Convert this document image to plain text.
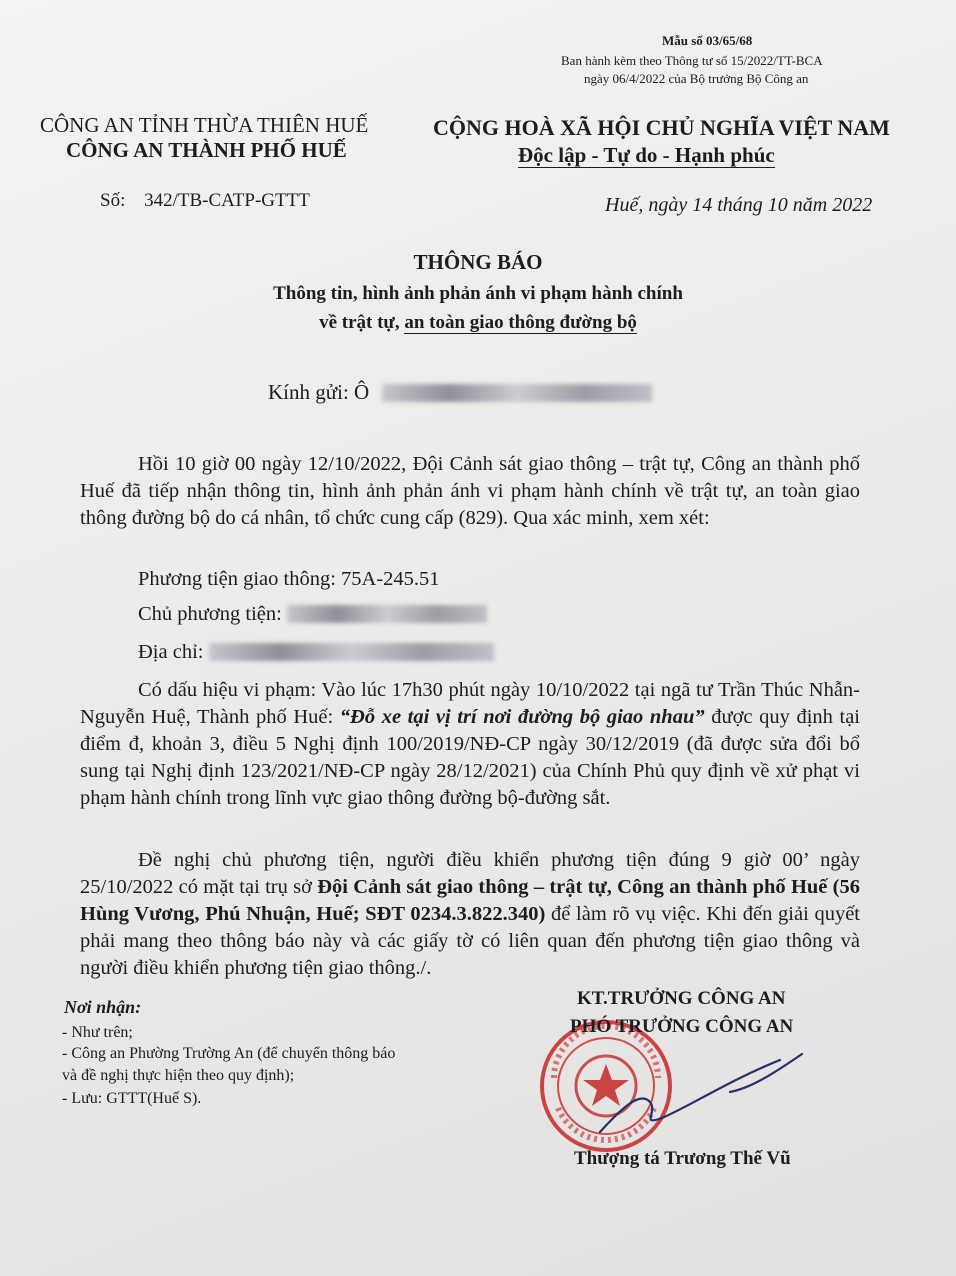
Mẫu số 03/65/68
Ban hành kèm theo Thông tư số 15/2022/TT-BCA
ngày 06/4/2022 của Bộ trưởng Bộ Công an
CÔNG AN TỈNH THỪA THIÊN HUẾ
CÔNG AN THÀNH PHỐ HUẾ
CỘNG HOÀ XÃ HỘI CHỦ NGHĨA VIỆT NAM
Độc lập - Tự do - Hạnh phúc
Số: 342/TB-CATP-GTTT	Huế, ngày 14 tháng 10 năm 2022
THÔNG BÁO
Thông tin, hình ảnh phản ánh vi phạm hành chính
về trật tự, an toàn giao thông đường bộ
Kính gửi: Ô
Hồi 10 giờ 00 ngày 12/10/2022, Đội Cảnh sát giao thông – trật tự, Công an thành phố Huế đã tiếp nhận thông tin, hình ảnh phản ánh vi phạm hành chính về trật tự, an toàn giao thông đường bộ do cá nhân, tổ chức cung cấp (829). Qua xác minh, xem xét:
Phương tiện giao thông: 75A-245.51
Chủ phương tiện:
Địa chỉ:
Có dấu hiệu vi phạm: Vào lúc 17h30 phút ngày 10/10/2022 tại ngã tư Trần Thúc Nhẫn- Nguyễn Huệ, Thành phố Huế: “Đỗ xe tại vị trí nơi đường bộ giao nhau” được quy định tại điểm đ, khoản 3, điều 5 Nghị định 100/2019/NĐ-CP ngày 30/12/2019 (đã được sửa đổi bổ sung tại Nghị định 123/2021/NĐ-CP ngày 28/12/2021) của Chính Phủ quy định về xử phạt vi phạm hành chính trong lĩnh vực giao thông đường bộ-đường sắt.
Đề nghị chủ phương tiện, người điều khiển phương tiện đúng 9 giờ 00’ ngày 25/10/2022 có mặt tại trụ sở Đội Cảnh sát giao thông – trật tự, Công an thành phố Huế (56 Hùng Vương, Phú Nhuận, Huế; SĐT 0234.3.822.340) để làm rõ vụ việc. Khi đến giải quyết phải mang theo thông báo này và các giấy tờ có liên quan đến phương tiện giao thông và người điều khiển phương tiện giao thông./.
Nơi nhận:
- Như trên;
- Công an Phường Trường An (để chuyển thông báo
và đề nghị thực hiện theo quy định);
- Lưu: GTTT(Huế S).
KT.TRƯỞNG CÔNG AN
PHÓ TRƯỞNG CÔNG AN
Thượng tá Trương Thế Vũ
